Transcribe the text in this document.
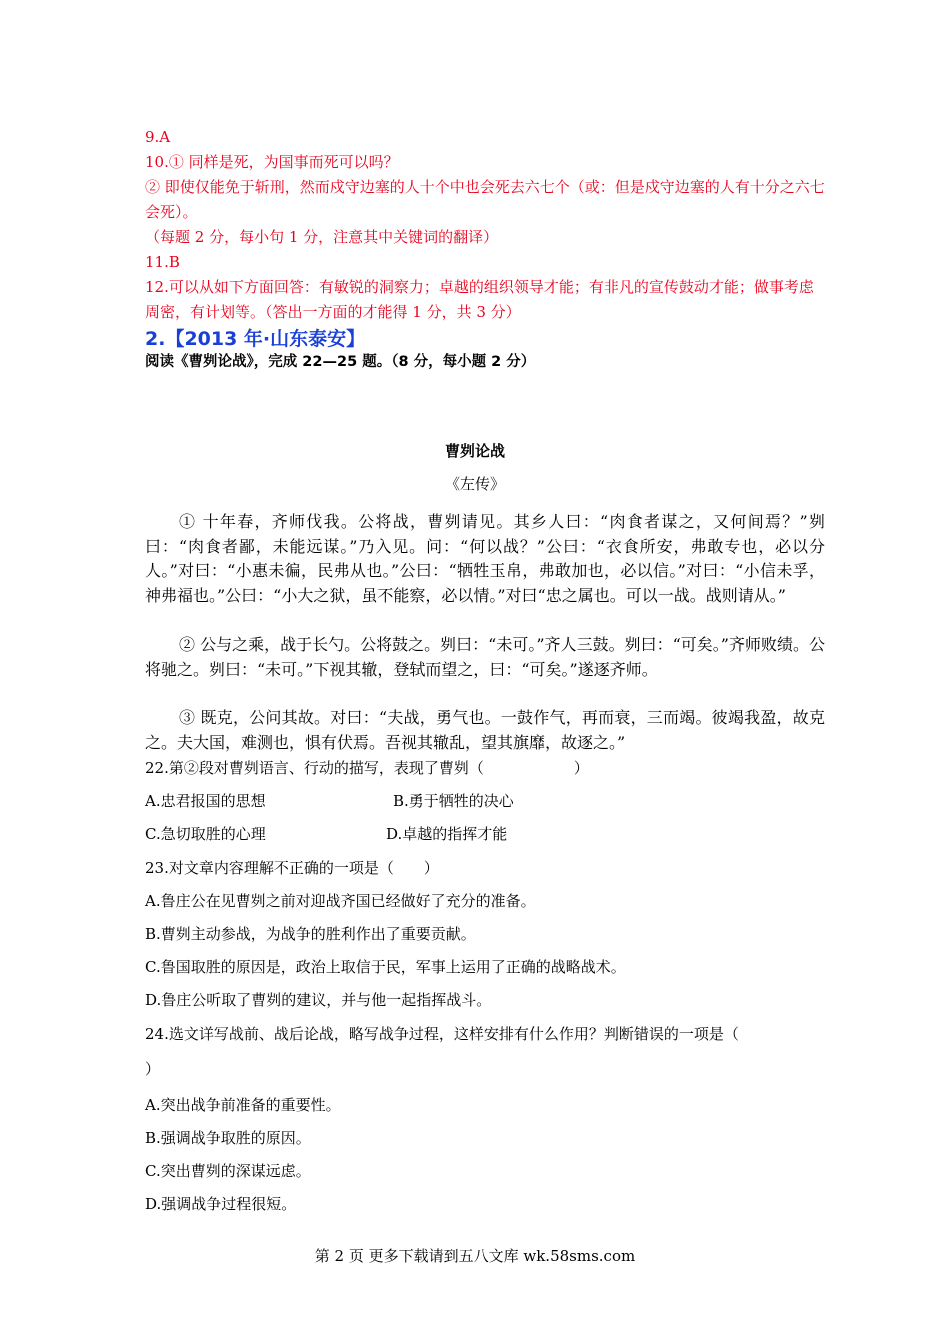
9.A
10.① 同样是死，为国事而死可以吗？
② 即使仅能免于斩刑，然而戍守边塞的人十个中也会死去六七个（或：但是戍守边塞的人有十分之六七会死）。
（每题 2 分，每小句 1 分，注意其中关键词的翻译）
11.B
12.可以从如下方面回答：有敏锐的洞察力；卓越的组织领导才能；有非凡的宣传鼓动才能；做事考虑周密，有计划等。（答出一方面的才能得 1 分，共 3 分）
2.【2013 年·山东泰安】
阅读《曹刿论战》，完成 22—25 题。（8 分，每小题 2 分）
曹刿论战
《左传》
① 十年春，齐师伐我。公将战，曹刿请见。其乡人曰：“肉食者谋之，又何间焉？”刿曰：“肉食者鄙，未能远谋。”乃入见。问：“何以战？”公曰：“衣食所安，弗敢专也，必以分人。”对曰：“小惠未徧，民弗从也。”公曰：“牺牲玉帛，弗敢加也，必以信。”对曰：“小信未孚，神弗福也。”公曰：“小大之狱，虽不能察，必以情。”对曰“忠之属也。可以一战。战则请从。”
② 公与之乘，战于长勺。公将鼓之。刿曰：“未可。”齐人三鼓。刿曰：“可矣。”齐师败绩。公将驰之。刿曰：“未可。”下视其辙，登轼而望之，曰：“可矣。”遂逐齐师。
③ 既克，公问其故。对曰：“夫战，勇气也。一鼓作气，再而衰，三而竭。彼竭我盈，故克之。夫大国，难测也，惧有伏焉。吾视其辙乱，望其旗靡，故逐之。”
22.第②段对曹刿语言、行动的描写，表现了曹刿（　　　　　　）
A.忠君报国的思想	B.勇于牺牲的决心
C.急切取胜的心理	D.卓越的指挥才能
23.对文章内容理解不正确的一项是（　　）
A.鲁庄公在见曹刿之前对迎战齐国已经做好了充分的准备。
B.曹刿主动参战，为战争的胜利作出了重要贡献。
C.鲁国取胜的原因是，政治上取信于民，军事上运用了正确的战略战术。
D.鲁庄公听取了曹刿的建议，并与他一起指挥战斗。
24.选文详写战前、战后论战，略写战争过程，这样安排有什么作用？判断错误的一项是（
）
A.突出战争前准备的重要性。
B.强调战争取胜的原因。
C.突出曹刿的深谋远虑。
D.强调战争过程很短。
第 2 页 更多下载请到五八文库 wk.58sms.com
